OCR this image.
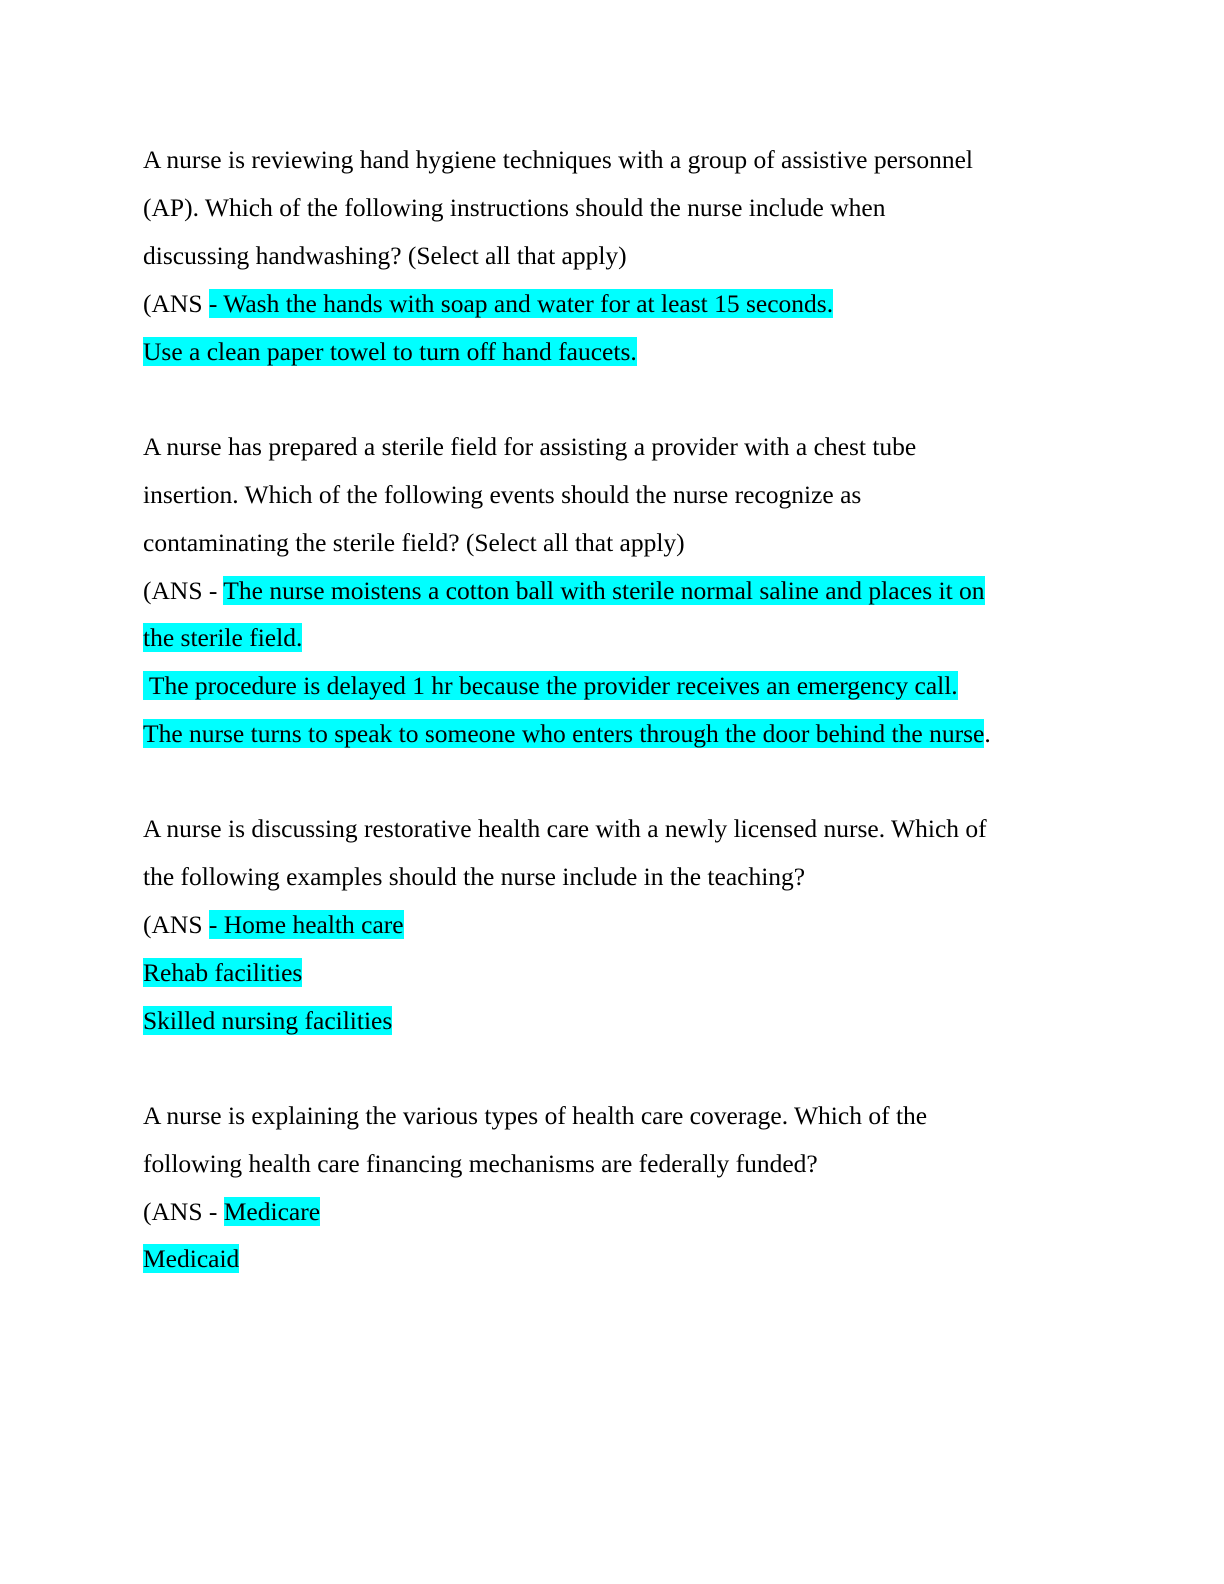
A nurse is reviewing hand hygiene techniques with a group of assistive personnel
(AP). Which of the following instructions should the nurse include when
discussing handwashing? (Select all that apply)
(ANS - Wash the hands with soap and water for at least 15 seconds.
Use a clean paper towel to turn off hand faucets.
A nurse has prepared a sterile field for assisting a provider with a chest tube
insertion. Which of the following events should the nurse recognize as
contaminating the sterile field? (Select all that apply)
(ANS - The nurse moistens a cotton ball with sterile normal saline and places it on
the sterile field.
The procedure is delayed 1 hr because the provider receives an emergency call.
The nurse turns to speak to someone who enters through the door behind the nurse.
A nurse is discussing restorative health care with a newly licensed nurse. Which of
the following examples should the nurse include in the teaching?
(ANS - Home health care
Rehab facilities
Skilled nursing facilities
A nurse is explaining the various types of health care coverage. Which of the
following health care financing mechanisms are federally funded?
(ANS - Medicare
Medicaid
